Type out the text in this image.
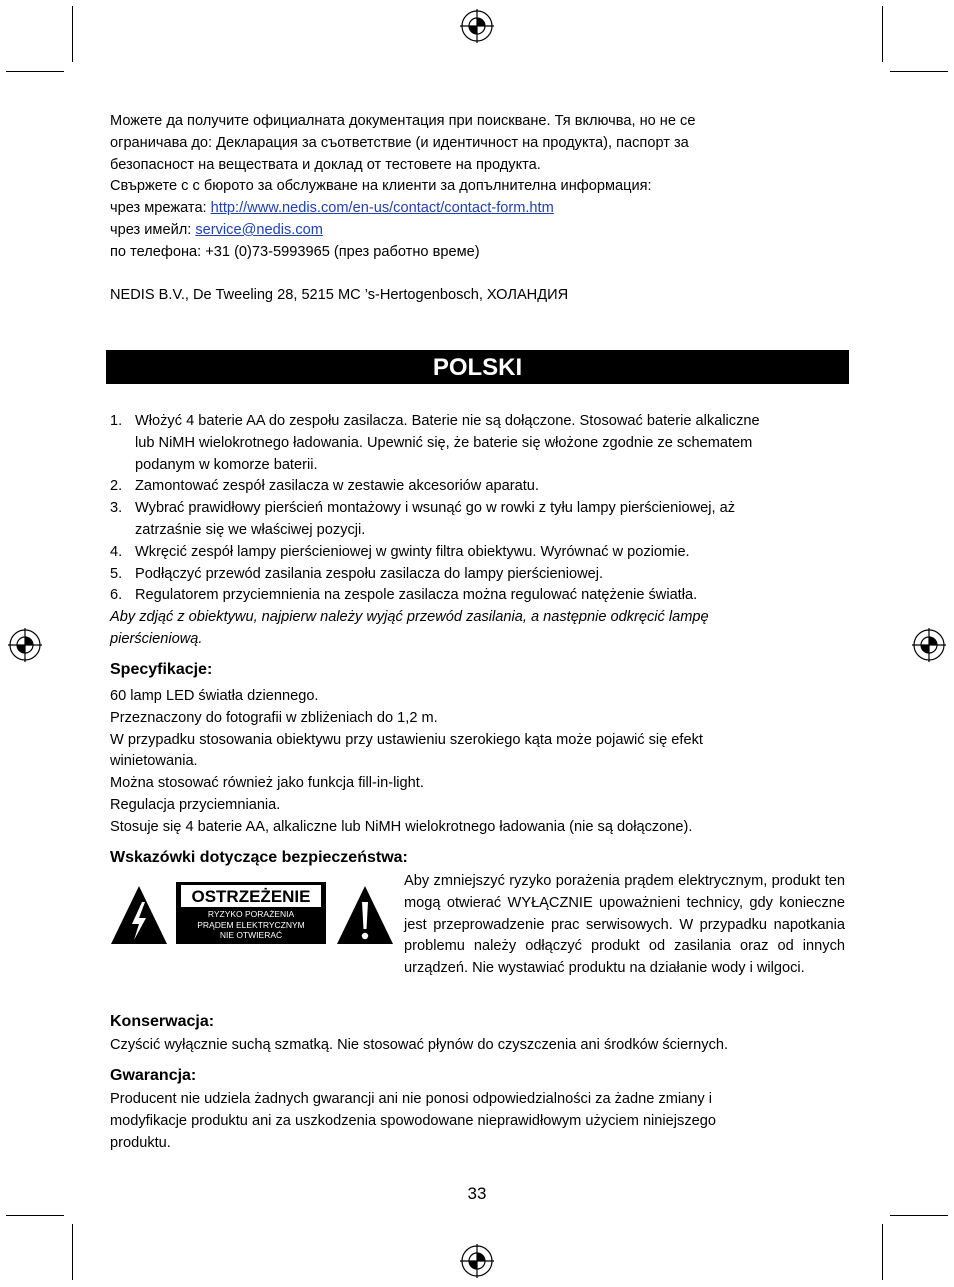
Можете да получите официалната документация при поискване. Тя включва, но не се
ограничава до: Декларация за съответствие (и идентичност на продукта), паспорт за
безопасност на веществата и доклад от тестовете на продукта.
Свържете с с бюрото за обслужване на клиенти за допълнителна информация:
чрез мрежата: http://www.nedis.com/en-us/contact/contact-form.htm
чрез имейл: service@nedis.com
по телефона: +31 (0)73-5993965 (през работно време)
NEDIS B.V., De Tweeling 28, 5215 MC ’s-Hertogenbosch, ХОЛАНДИЯ
POLSKI
1. Włożyć 4 baterie AA do zespołu zasilacza. Baterie nie są dołączone. Stosować baterie alkaliczne
lub NiMH wielokrotnego ładowania. Upewnić się, że baterie się włożone zgodnie ze schematem
podanym w komorze baterii.
2. Zamontować zespół zasilacza w zestawie akcesoriów aparatu.
3. Wybrać prawidłowy pierścień montażowy i wsunąć go w rowki z tyłu lampy pierścieniowej, aż
zatrzaśnie się we właściwej pozycji.
4. Wkręcić zespół lampy pierścieniowej w gwinty filtra obiektywu. Wyrównać w poziomie.
5. Podłączyć przewód zasilania zespołu zasilacza do lampy pierścieniowej.
6. Regulatorem przyciemnienia na zespole zasilacza można regulować natężenie światła.
Aby zdjąć z obiektywu, najpierw należy wyjąć przewód zasilania, a następnie odkręcić lampę
pierścieniową.
Specyfikacje:
60 lamp LED światła dziennego.
Przeznaczony do fotografii w zbliżeniach do 1,2 m.
W przypadku stosowania obiektywu przy ustawieniu szerokiego kąta może pojawić się efekt
winietowania.
Można stosować również jako funkcja fill-in-light.
Regulacja przyciemniania.
Stosuje się 4 baterie AA, alkaliczne lub NiMH wielokrotnego ładowania (nie są dołączone).
Wskazówki dotyczące bezpieczeństwa:
OSTRZEŻENIE
RYZYKO PORAŻENIA
PRĄDEM ELEKTRYCZNYM
NIE OTWIERAĆ

Aby zmniejszyć ryzyko porażenia prądem elektrycznym, produkt ten mogą otwierać WYŁĄCZNIE upoważnieni technicy, gdy konieczne jest przeprowadzenie prac serwisowych. W przypadku napotkania problemu należy odłączyć produkt od zasilania oraz od innych urządzeń. Nie wystawiać produktu na działanie wody i wilgoci.

Konserwacja:
Czyścić wyłącznie suchą szmatką. Nie stosować płynów do czyszczenia ani środków ściernych.
Gwarancja:
Producent nie udziela żadnych gwarancji ani nie ponosi odpowiedzialności za żadne zmiany i
modyfikacje produktu ani za uszkodzenia spowodowane nieprawidłowym użyciem niniejszego
produktu.
33
